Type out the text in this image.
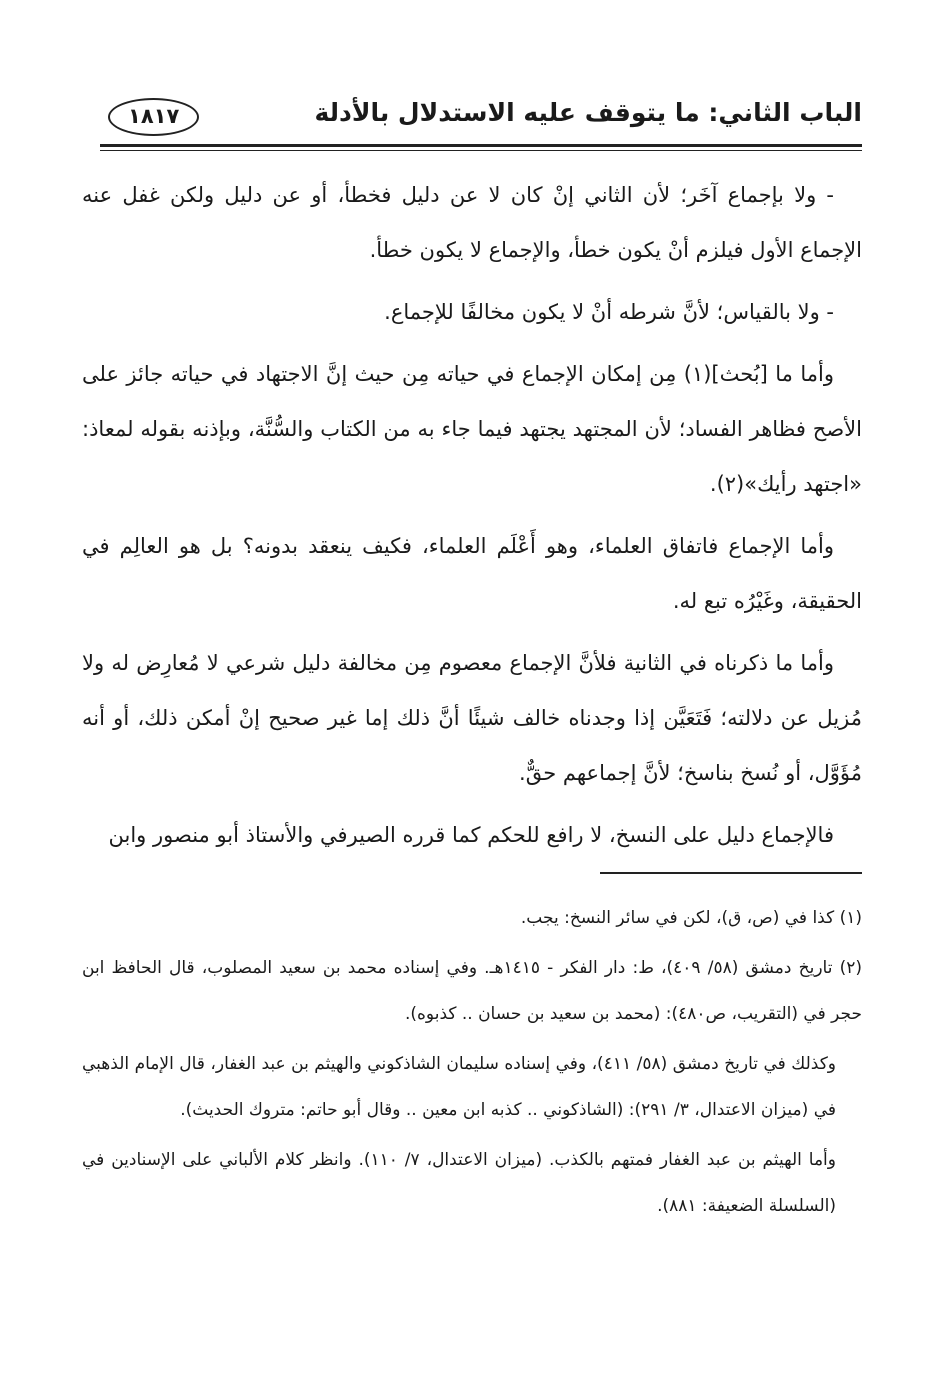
الباب الثاني: ما يتوقف عليه الاستدلال بالأدلة
١٨١٧

- ولا بإجماع آخَر؛ لأن الثاني إنْ كان لا عن دليل فخطأ، أو عن دليل ولكن غفل عنه الإجماع الأول فيلزم أنْ يكون خطأ، والإجماع لا يكون خطأ.

- ولا بالقياس؛ لأنَّ شرطه أنْ لا يكون مخالفًا للإجماع.

وأما ما [بُحث](١) مِن إمكان الإجماع في حياته مِن حيث إنَّ الاجتهاد في حياته جائز على الأصح فظاهر الفساد؛ لأن المجتهد يجتهد فيما جاء به من الكتاب والسُّنَّة، وبإذنه بقوله لمعاذ: «اجتهد رأيك»(٢).

وأما الإجماع فاتفاق العلماء، وهو أَعْلَم العلماء، فكيف ينعقد بدونه؟ بل هو العالِم في الحقيقة، وغَيْرُه تبع له.

وأما ما ذكرناه في الثانية فلأنَّ الإجماع معصوم مِن مخالفة دليل شرعي لا مُعارِض له ولا مُزيل عن دلالته؛ فَتَعَيَّن إذا وجدناه خالف شيئًا أنَّ ذلك إما غير صحيح إنْ أمكن ذلك، أو أنه مُؤَوَّل، أو نُسخ بناسخ؛ لأنَّ إجماعهم حقٌّ.

فالإجماع دليل على النسخ، لا رافع للحكم كما قرره الصيرفي والأستاذ أبو منصور وابن

(١) كذا في (ص، ق)، لكن في سائر النسخ: يجب.

(٢) تاريخ دمشق (٥٨/ ٤٠٩)، ط: دار الفكر - ١٤١٥هـ. وفي إسناده محمد بن سعيد المصلوب، قال الحافظ ابن حجر في (التقريب، ص٤٨٠): (محمد بن سعيد بن حسان .. كذبوه).

وكذلك في تاريخ دمشق (٥٨/ ٤١١)، وفي إسناده سليمان الشاذكوني والهيثم بن عبد الغفار، قال الإمام الذهبي في (ميزان الاعتدال، ٣/ ٢٩١): (الشاذكوني .. كذبه ابن معين .. وقال أبو حاتم: متروك الحديث).

وأما الهيثم بن عبد الغفار فمتهم بالكذب. (ميزان الاعتدال، ٧/ ١١٠). وانظر كلام الألباني على الإسنادين في (السلسلة الضعيفة: ٨٨١).
